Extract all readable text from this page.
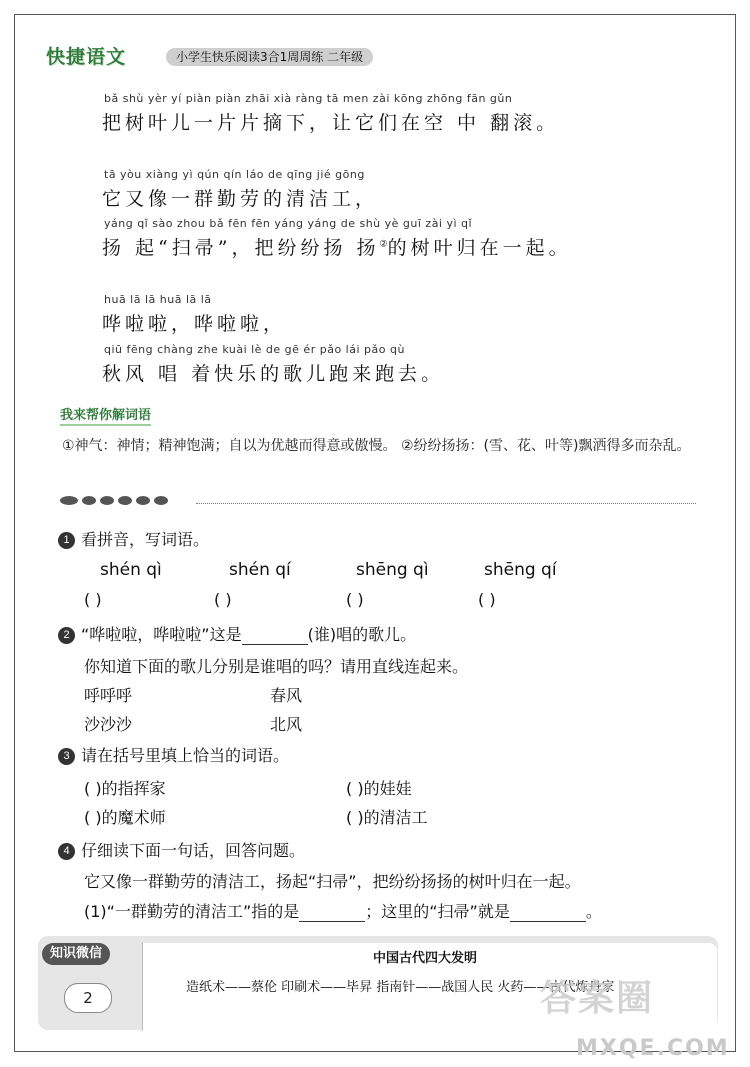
快捷语文	小学生快乐阅读3合1周周练 二年级
bǎ shù yèr yí piàn piàn zhāi xià ràng tā men zài kōng zhōng fān gǔn
把树叶儿一片片摘下，让它们在空 中 翻滚。
tā yòu xiàng yì qún qín láo de qīng jié gōng
它又像一群勤劳的清洁工，
yáng qǐ sào zhou bǎ fēn fēn yáng yáng de shù yè guī zài yì qǐ
扬 起“扫帚”，把纷纷扬 扬②的树叶归在一起。
huā lā lā huā lā lā
哗啦啦，哗啦啦，
qiū fēng chàng zhe kuài lè de gē ér pǎo lái pǎo qù
秋风 唱 着快乐的歌儿跑来跑去。
我来帮你解词语
①神气：神情；精神饱满；自以为优越而得意或傲慢。 ②纷纷扬扬：(雪、花、叶等)飘洒得多而杂乱。
1 看拼音，写词语。
shén qì	shén qí	shēng qì	shēng qí
( )	( )	( )	( )
2 “哗啦啦，哗啦啦”这是	(谁)唱的歌儿。
你知道下面的歌儿分别是谁唱的吗？请用直线连起来。
呼呼呼	春风
沙沙沙	北风
3 请在括号里填上恰当的词语。
( )的指挥家	( )的娃娃
( )的魔术师	( )的清洁工
4 仔细读下面一句话，回答问题。
它又像一群勤劳的清洁工，扬起“扫帚”，把纷纷扬扬的树叶归在一起。
(1)“一群勤劳的清洁工”指的是	；这里的“扫帚”就是	。
知识微信
2
中国古代四大发明
造纸术——蔡伦 印刷术——毕昇 指南针——战国人民 火药——古代炼丹家
答案圈
MXQE.COM
